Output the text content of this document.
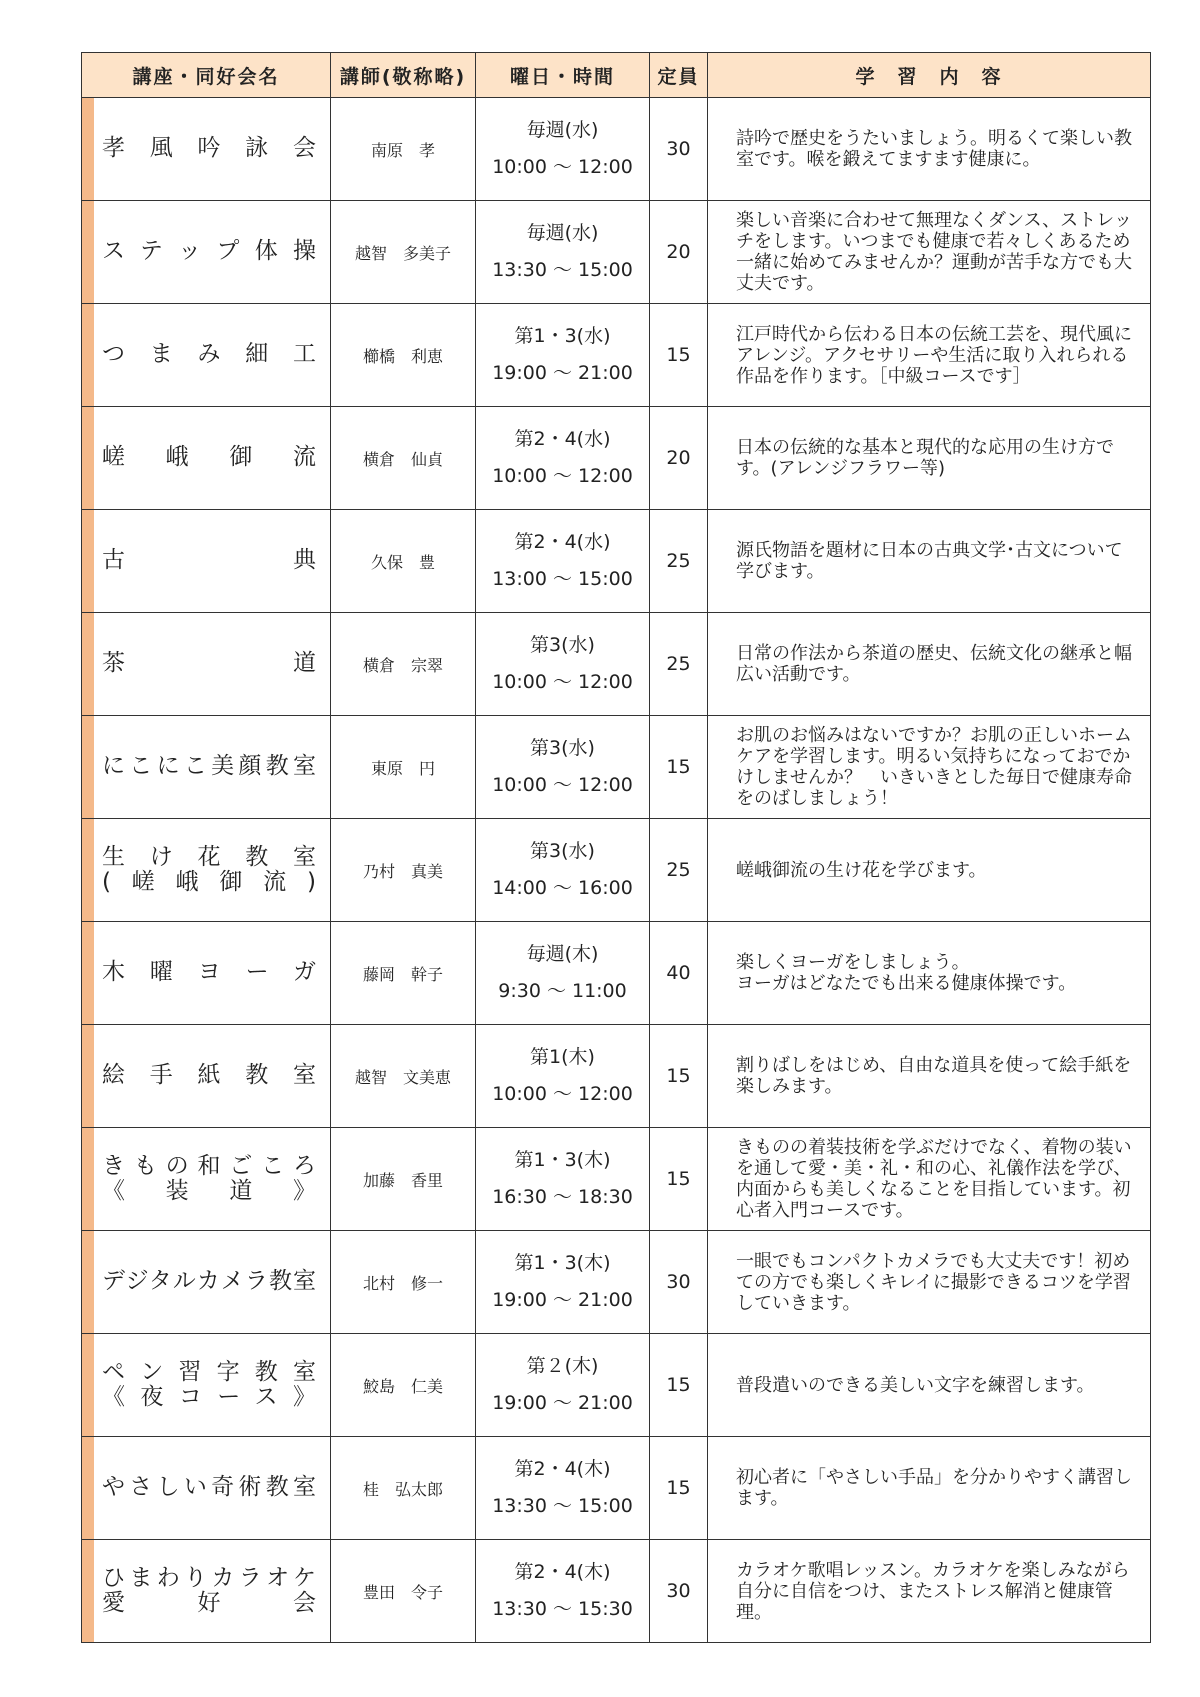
講座・同好会名	講師(敬称略)	曜日・時間	定員	学　習　内　容

孝風吟詠会	南原　孝	毎週(水)
10:00 ～ 12:00	30	詩吟で歴史をうたいましょう。明るくて楽しい教室です。喉を鍛えてますます健康に。

ステップ体操	越智　多美子	毎週(水)
13:30 ～ 15:00	20	楽しい音楽に合わせて無理なくダンス、ストレッチをします。いつまでも健康で若々しくあるため一緒に始めてみませんか？運動が苦手な方でも大丈夫です。

つまみ細工	櫛橋　利恵	第1・3(水)
19:00 ～ 21:00	15	江戸時代から伝わる日本の伝統工芸を、現代風にアレンジ。アクセサリーや生活に取り入れられる作品を作ります。［中級コースです］

嵯峨御流	横倉　仙貞	第2・4(水)
10:00 ～ 12:00	20	日本の伝統的な基本と現代的な応用の生け方です。(アレンジフラワー等)

古典	久保　豊	第2・4(水)
13:00 ～ 15:00	25	源氏物語を題材に日本の古典文学･古文について学びます。

茶道	横倉　宗翠	第3(水)
10:00 ～ 12:00	25	日常の作法から茶道の歴史、伝統文化の継承と幅広い活動です。

にこにこ美顔教室	東原　円	第3(水)
10:00 ～ 12:00	15	お肌のお悩みはないですか？お肌の正しいホームケアを学習します。明るい気持ちになっておでかけしませんか？　いきいきとした毎日で健康寿命をのばしましょう！

生け花教室
(嵯峨御流)	乃村　真美	第3(水)
14:00 ～ 16:00	25	嵯峨御流の生け花を学びます。

木曜ヨーガ	藤岡　幹子	毎週(木)
9:30 ～ 11:00	40	楽しくヨーガをしましょう。
ヨーガはどなたでも出来る健康体操です。

絵手紙教室	越智　文美恵	第1(木)
10:00 ～ 12:00	15	割りばしをはじめ、自由な道具を使って絵手紙を楽しみます。

きもの和ごころ
《装道》	加藤　香里	第1・3(木)
16:30 ～ 18:30	15	きものの着装技術を学ぶだけでなく、着物の装いを通して愛・美・礼・和の心、礼儀作法を学び、内面からも美しくなることを目指しています。初心者入門コースです。

デジタルカメラ教室	北村　修一	第1・3(木)
19:00 ～ 21:00	30	一眼でもコンパクトカメラでも大丈夫です！初めての方でも楽しくキレイに撮影できるコツを学習していきます。

ペン習字教室
《夜コース》	鮫島　仁美	第２(木)
19:00 ～ 21:00	15	普段遣いのできる美しい文字を練習します。

やさしい奇術教室	桂　弘太郎	第2・4(木)
13:30 ～ 15:00	15	初心者に「やさしい手品」を分かりやすく講習します。

ひまわりカラオケ
愛好会	豊田　令子	第2・4(木)
13:30 ～ 15:30	30	カラオケ歌唱レッスン。カラオケを楽しみながら自分に自信をつけ、またストレス解消と健康管理。
